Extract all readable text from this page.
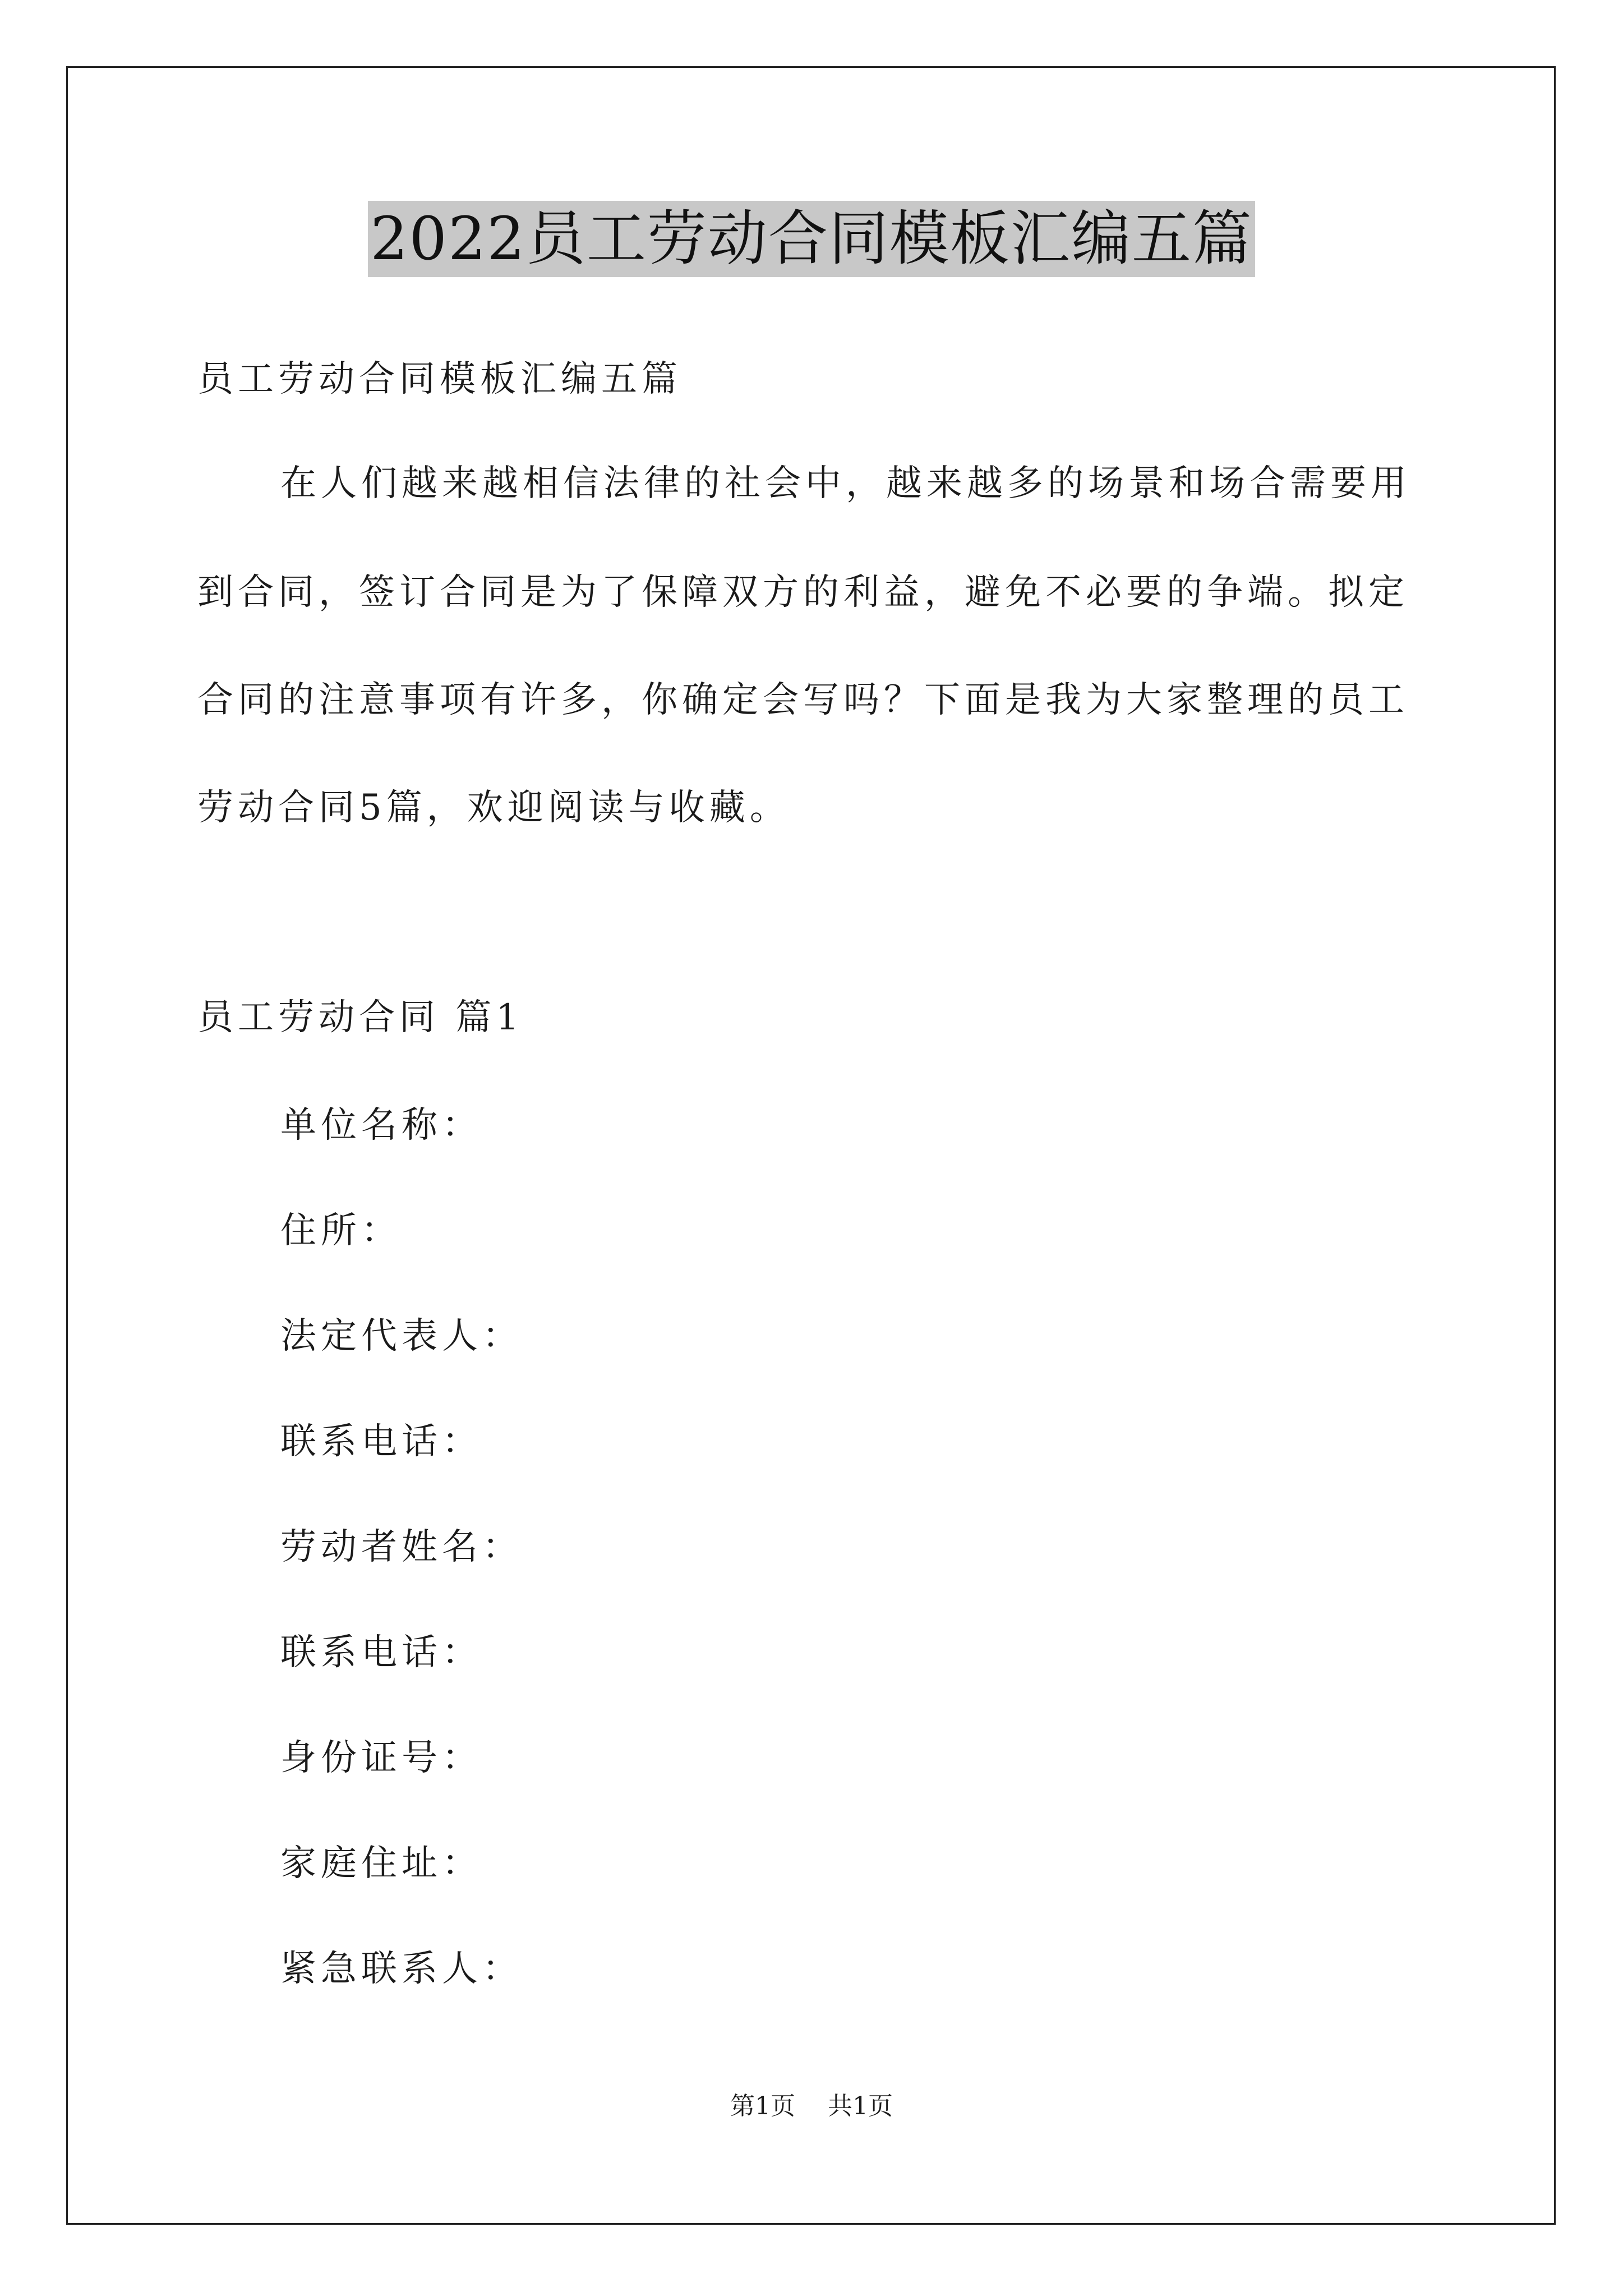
2022员工劳动合同模板汇编五篇
员工劳动合同模板汇编五篇
在人们越来越相信法律的社会中，越来越多的场景和场合需要用
到合同，签订合同是为了保障双方的利益，避免不必要的争端。拟定
合同的注意事项有许多，你确定会写吗？下面是我为大家整理的员工
劳动合同5篇，欢迎阅读与收藏。
员工劳动合同 篇1
单位名称：
住所：
法定代表人：
联系电话：
劳动者姓名：
联系电话：
身份证号：
家庭住址：
紧急联系人：
第1页 共1页
